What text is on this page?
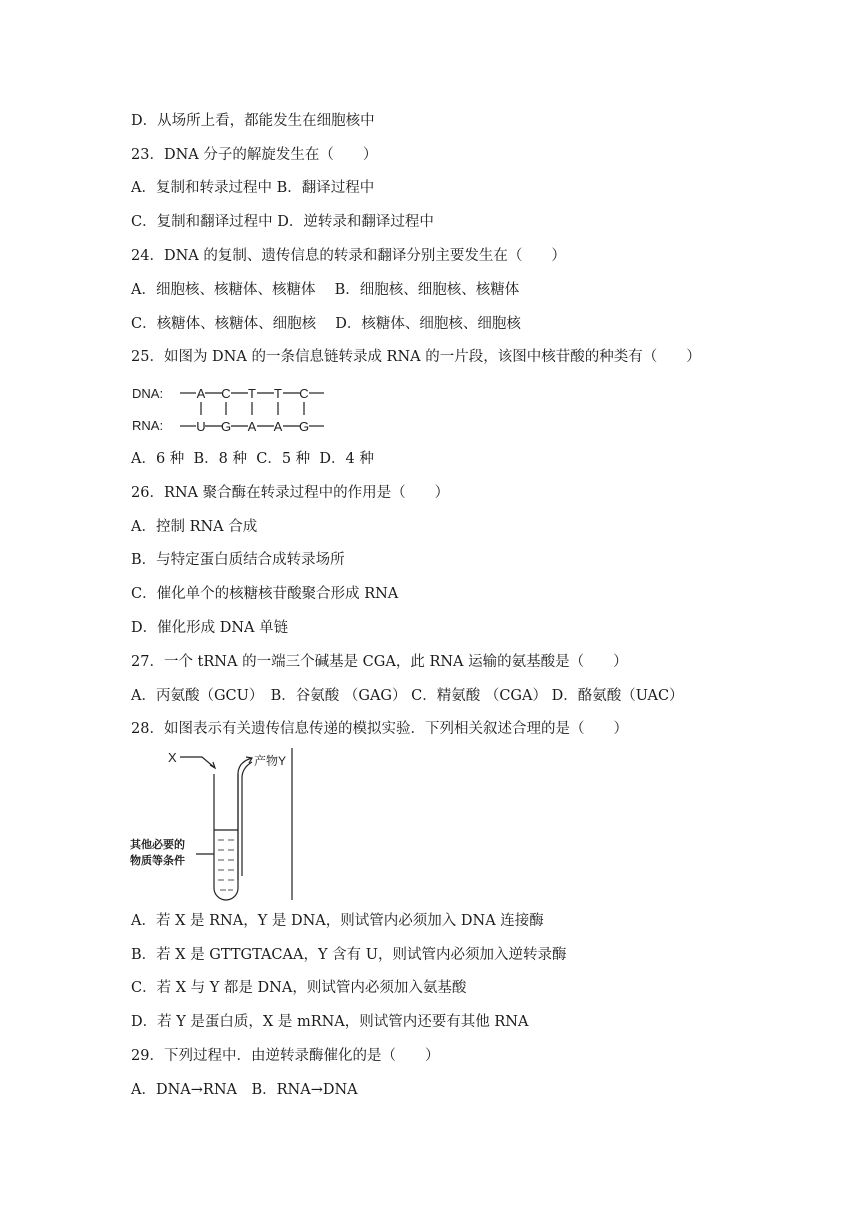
D．从场所上看，都能发生在细胞核中
23．DNA 分子的解旋发生在（　　）
A．复制和转录过程中 B．翻译过程中
C．复制和翻译过程中 D．逆转录和翻译过程中
24．DNA 的复制、遗传信息的转录和翻译分别主要发生在（　　）
A．细胞核、核糖体、核糖体　 B．细胞核、细胞核、核糖体
C．核糖体、核糖体、细胞核　 D．核糖体、细胞核、细胞核
25．如图为 DNA 的一条信息链转录成 RNA 的一片段，该图中核苷酸的种类有（　　）
DNA:
RNA:
A C T T C
U G A A G
A．6 种  B．8 种  C．5 种  D．4 种
26．RNA 聚合酶在转录过程中的作用是（　　）
A．控制 RNA 合成
B．与特定蛋白质结合成转录场所
C．催化单个的核糖核苷酸聚合形成 RNA
D．催化形成 DNA 单链
27．一个 tRNA 的一端三个碱基是 CGA，此 RNA 运输的氨基酸是（　　）
A．丙氨酸（GCU）　B．谷氨酸 （GAG） C．精氨酸 （CGA） D．酪氨酸（UAC）
28．如图表示有关遗传信息传递的模拟实验．下列相关叙述合理的是（　　）
X	产物Y
其他必要的
物质等条件
A．若 X 是 RNA，Y 是 DNA，则试管内必须加入 DNA 连接酶
B．若 X 是 GTTGTACAA，Y 含有 U，则试管内必须加入逆转录酶
C．若 X 与 Y 都是 DNA，则试管内必须加入氨基酸
D．若 Y 是蛋白质，X 是 mRNA，则试管内还要有其他 RNA
29．下列过程中．由逆转录酶催化的是（　　）
A．DNA→RNA　B．RNA→DNA
